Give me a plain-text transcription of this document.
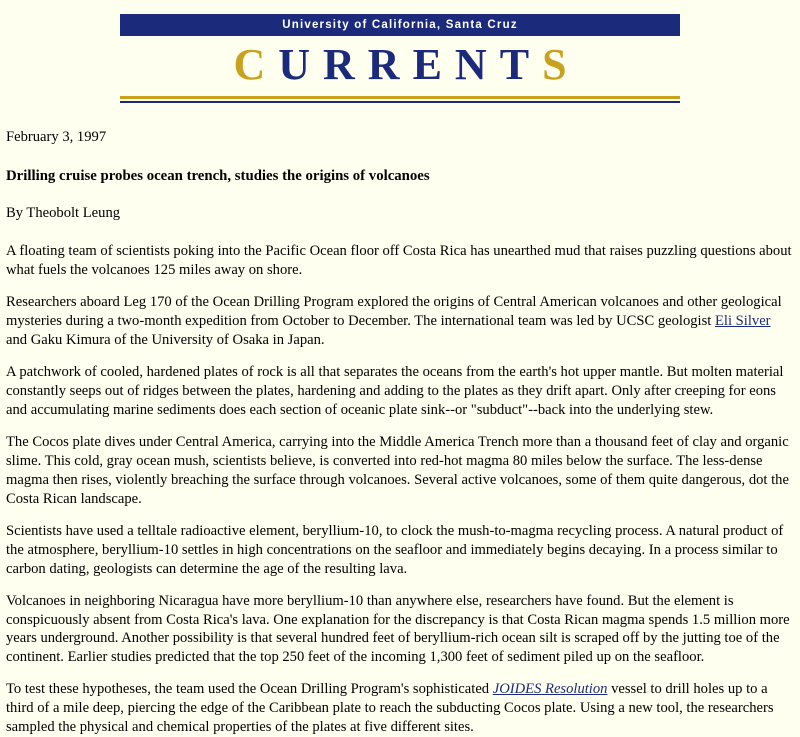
University of California, Santa Cruz
CURRENTS
February 3, 1997
Drilling cruise probes ocean trench, studies the origins of volcanoes
By Theobolt Leung

A floating team of scientists poking into the Pacific Ocean floor off Costa Rica has unearthed mud that raises puzzling questions about what fuels the volcanoes 125 miles away on shore.

Researchers aboard Leg 170 of the Ocean Drilling Program explored the origins of Central American volcanoes and other geological mysteries during a two-month expedition from October to December. The international team was led by UCSC geologist Eli Silver and Gaku Kimura of the University of Osaka in Japan.

A patchwork of cooled, hardened plates of rock is all that separates the oceans from the earth's hot upper mantle. But molten material constantly seeps out of ridges between the plates, hardening and adding to the plates as they drift apart. Only after creeping for eons and accumulating marine sediments does each section of oceanic plate sink--or "subduct"--back into the underlying stew.

The Cocos plate dives under Central America, carrying into the Middle America Trench more than a thousand feet of clay and organic slime. This cold, gray ocean mush, scientists believe, is converted into red-hot magma 80 miles below the surface. The less-dense magma then rises, violently breaching the surface through volcanoes. Several active volcanoes, some of them quite dangerous, dot the Costa Rican landscape.

Scientists have used a telltale radioactive element, beryllium-10, to clock the mush-to-magma recycling process. A natural product of the atmosphere, beryllium-10 settles in high concentrations on the seafloor and immediately begins decaying. In a process similar to carbon dating, geologists can determine the age of the resulting lava.

Volcanoes in neighboring Nicaragua have more beryllium-10 than anywhere else, researchers have found. But the element is conspicuously absent from Costa Rica's lava. One explanation for the discrepancy is that Costa Rican magma spends 1.5 million more years underground. Another possibility is that several hundred feet of beryllium-rich ocean silt is scraped off by the jutting toe of the continent. Earlier studies predicted that the top 250 feet of the incoming 1,300 feet of sediment piled up on the seafloor.

To test these hypotheses, the team used the Ocean Drilling Program's sophisticated JOIDES Resolution vessel to drill holes up to a third of a mile deep, piercing the edge of the Caribbean plate to reach the subducting Cocos plate. Using a new tool, the researchers sampled the physical and chemical properties of the plates at five different sites.
